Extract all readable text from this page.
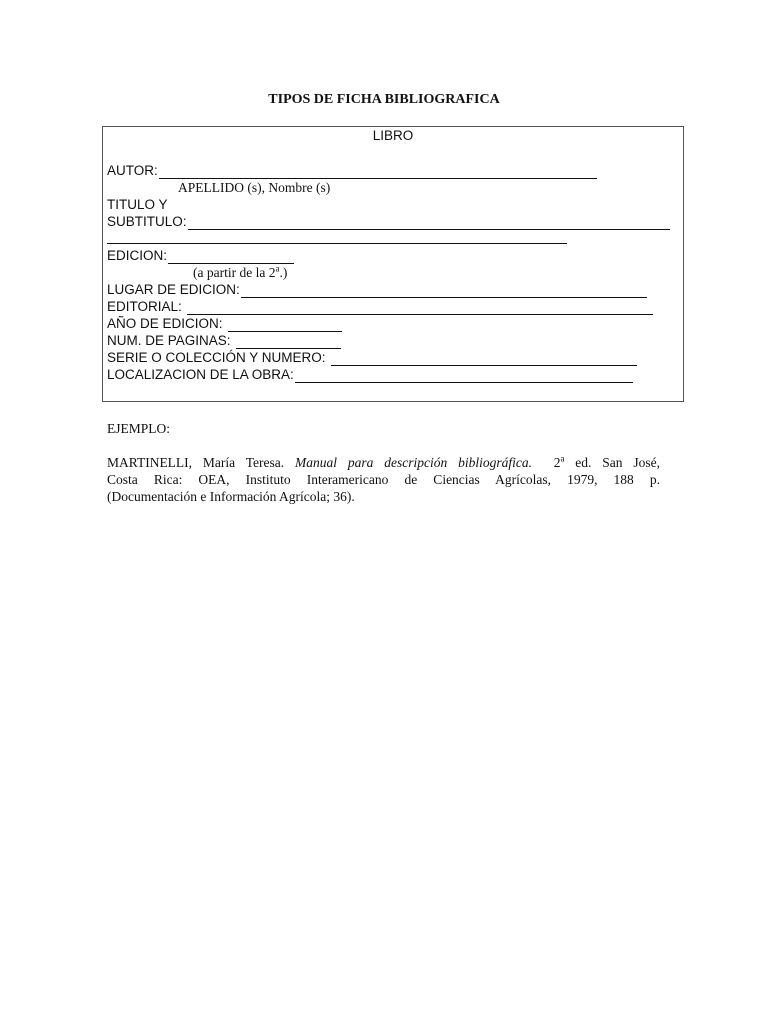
TIPOS DE FICHA BIBLIOGRAFICA
LIBRO
AUTOR:
APELLIDO (s), Nombre (s)
TITULO Y
SUBTITULO:
EDICION:
(a partir de la 2$^a$.)
LUGAR DE EDICION:
EDITORIAL:
AÑO DE EDICION:
NUM. DE PAGINAS:
SERIE O COLECCIÓN Y NUMERO:
LOCALIZACION DE LA OBRA:
EJEMPLO:
MARTINELLI, María Teresa. Manual para descripción bibliográfica. 2$^a$ ed. San José,
Costa Rica: OEA, Instituto Interamericano de Ciencias Agrícolas, 1979, 188 p.
(Documentación e Información Agrícola; 36).
